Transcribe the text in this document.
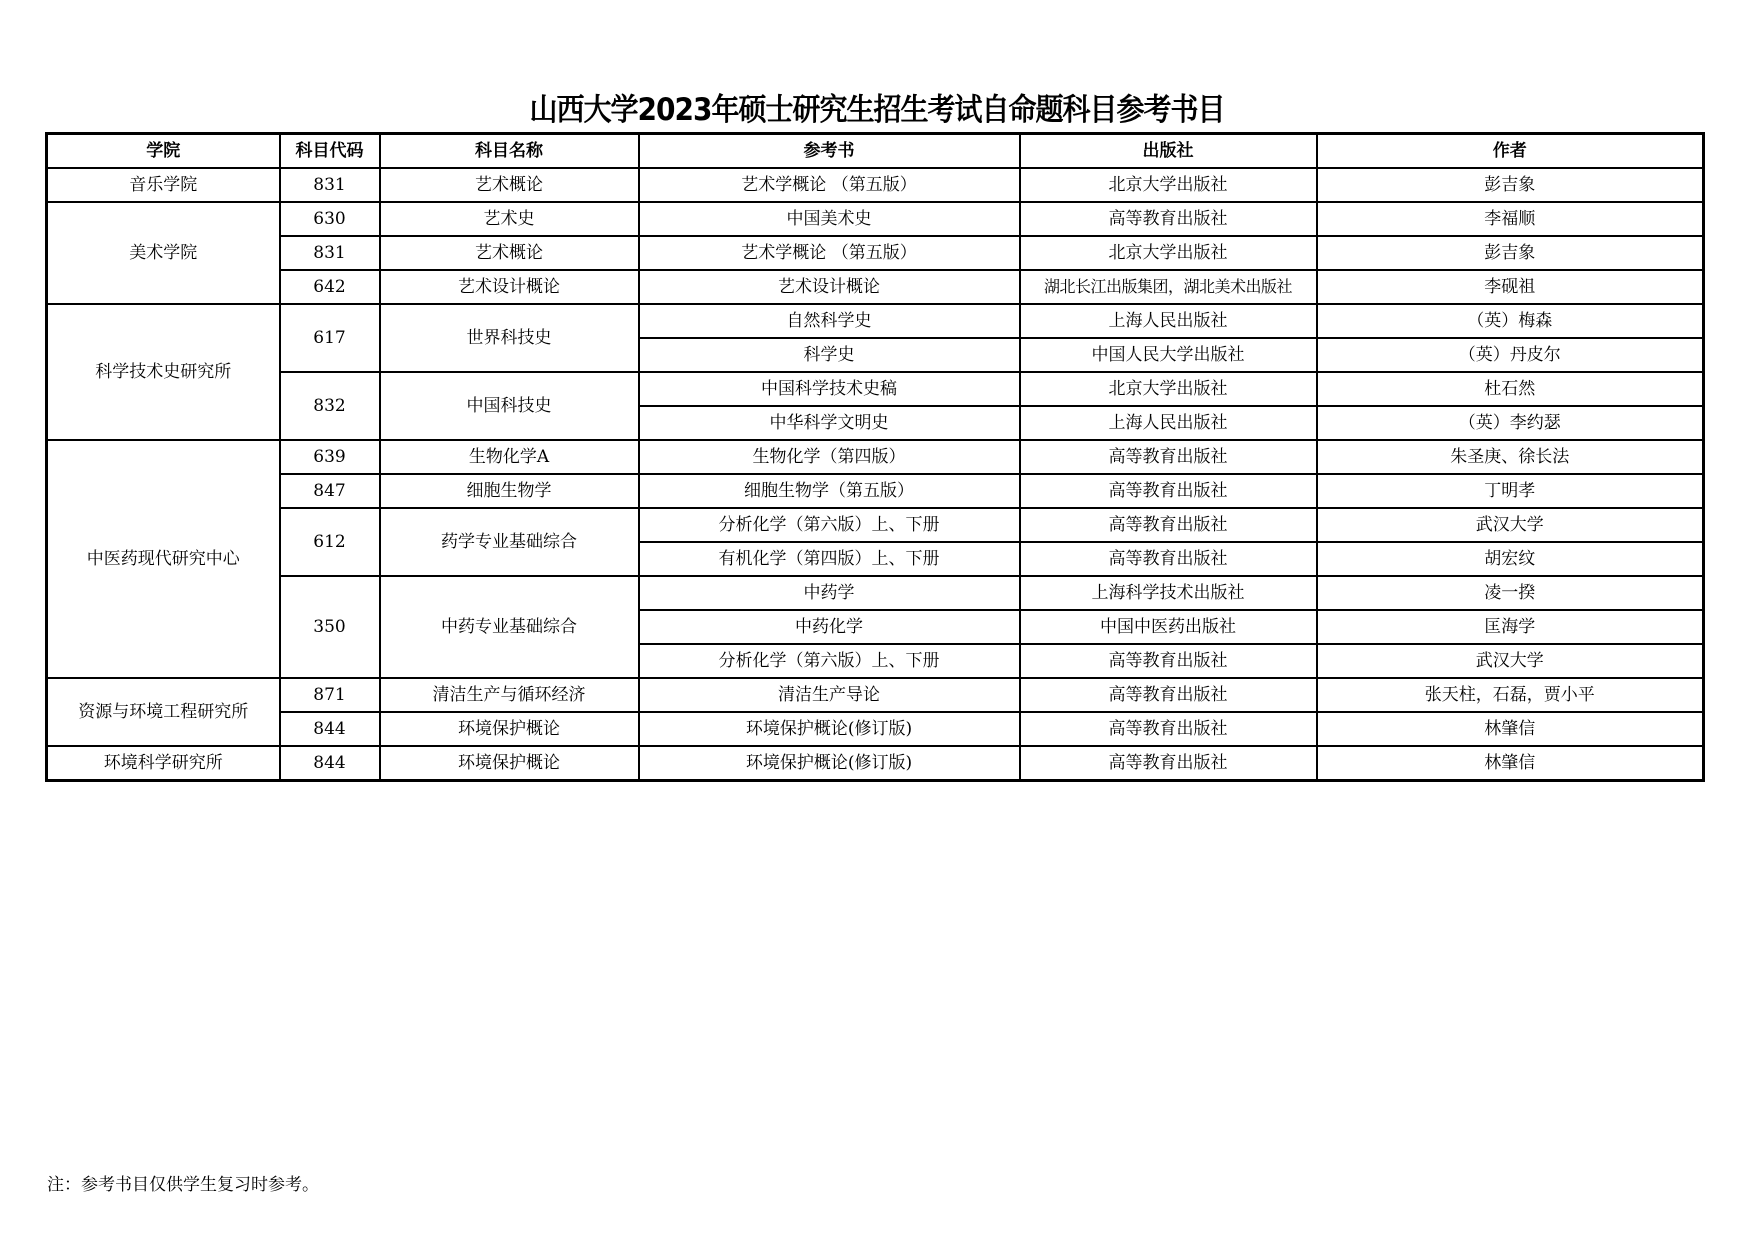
山西大学2023年硕士研究生招生考试自命题科目参考书目
学院	科目代码	科目名称	参考书	出版社	作者
音乐学院	831	艺术概论	艺术学概论 （第五版）	北京大学出版社	彭吉象
美术学院	630	艺术史	中国美术史	高等教育出版社	李福顺
	831	艺术概论	艺术学概论 （第五版）	北京大学出版社	彭吉象
	642	艺术设计概论	艺术设计概论	湖北长江出版集团，湖北美术出版社	李砚祖
科学技术史研究所	617	世界科技史	自然科学史	上海人民出版社	（英）梅森
			科学史	中国人民大学出版社	（英）丹皮尔
	832	中国科技史	中国科学技术史稿	北京大学出版社	杜石然
			中华科学文明史	上海人民出版社	（英）李约瑟
中医药现代研究中心	639	生物化学A	生物化学（第四版）	高等教育出版社	朱圣庚、徐长法
	847	细胞生物学	细胞生物学（第五版）	高等教育出版社	丁明孝
	612	药学专业基础综合	分析化学（第六版）上、下册	高等教育出版社	武汉大学
			有机化学（第四版）上、下册	高等教育出版社	胡宏纹
	350	中药专业基础综合	中药学	上海科学技术出版社	凌一揆
			中药化学	中国中医药出版社	匡海学
			分析化学（第六版）上、下册	高等教育出版社	武汉大学
资源与环境工程研究所	871	清洁生产与循环经济	清洁生产导论	高等教育出版社	张天柱，石磊，贾小平
	844	环境保护概论	环境保护概论(修订版)	高等教育出版社	林肇信
环境科学研究所	844	环境保护概论	环境保护概论(修订版)	高等教育出版社	林肇信
注：参考书目仅供学生复习时参考。
